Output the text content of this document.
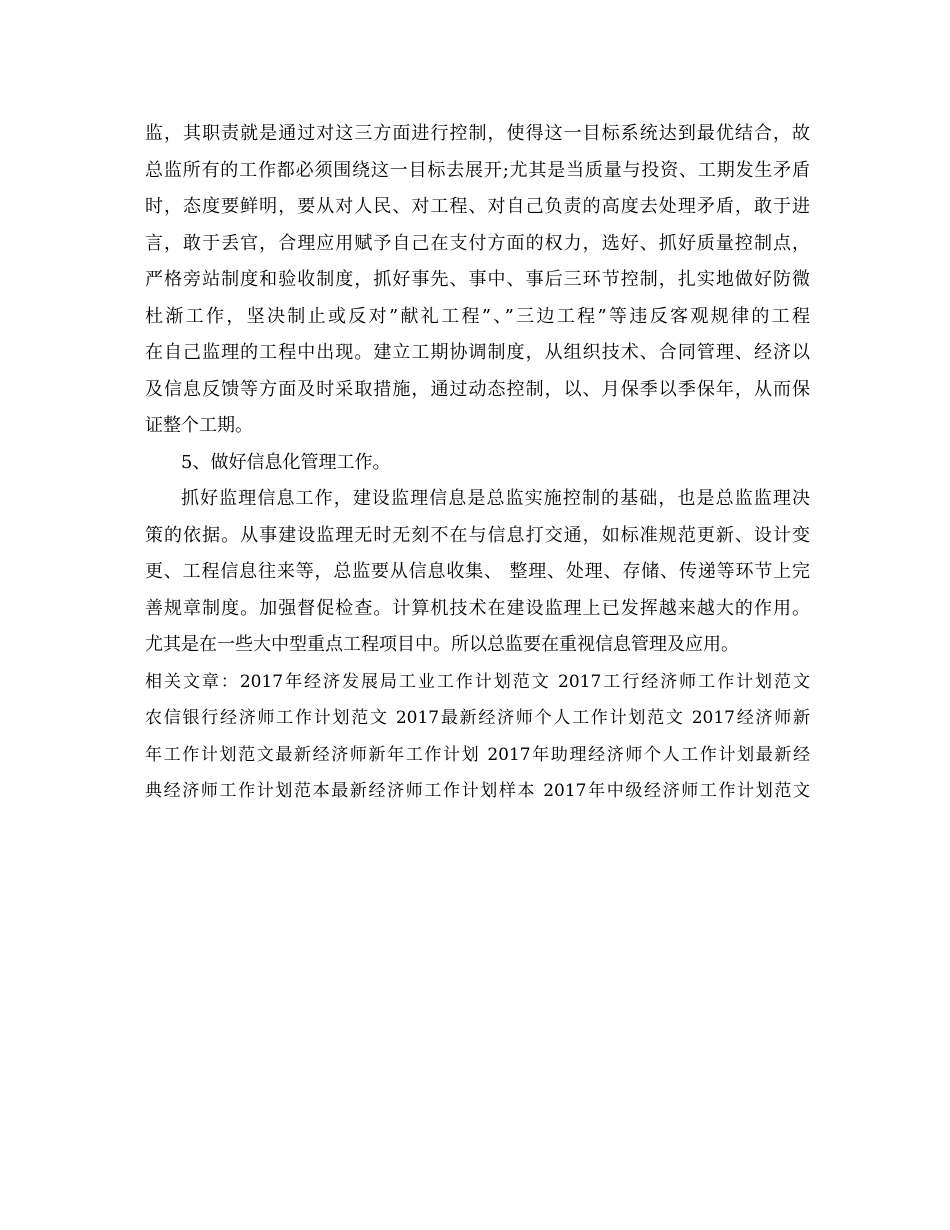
监，其职责就是通过对这三方面进行控制，使得这一目标系统达到最优结合，故
总监所有的工作都必须围绕这一目标去展开;尤其是当质量与投资、工期发生矛盾
时，态度要鲜明，要从对人民、对工程、对自己负责的高度去处理矛盾，敢于进
言，敢于丢官，合理应用赋予自己在支付方面的权力，选好、抓好质量控制点，
严格旁站制度和验收制度，抓好事先、事中、事后三环节控制，扎实地做好防微
杜渐工作，坚决制止或反对”献礼工程”、”三边工程”等违反客观规律的工程
在自己监理的工程中出现。建立工期协调制度，从组织技术、合同管理、经济以
及信息反馈等方面及时采取措施，通过动态控制，以、月保季以季保年，从而保
证整个工期。
5、做好信息化管理工作。
抓好监理信息工作，建设监理信息是总监实施控制的基础，也是总监监理决
策的依据。从事建设监理无时无刻不在与信息打交通，如标准规范更新、设计变
更、工程信息往来等，总监要从信息收集、 整理、处理、存储、传递等环节上完
善规章制度。加强督促检查。计算机技术在建设监理上已发挥越来越大的作用。
尤其是在一些大中型重点工程项目中。所以总监要在重视信息管理及应用。
相关文章：2017年经济发展局工业工作计划范文 2017工行经济师工作计划范文
农信银行经济师工作计划范文 2017最新经济师个人工作计划范文 2017经济师新
年工作计划范文最新经济师新年工作计划 2017年助理经济师个人工作计划最新经
典经济师工作计划范本最新经济师工作计划样本 2017年中级经济师工作计划范文
